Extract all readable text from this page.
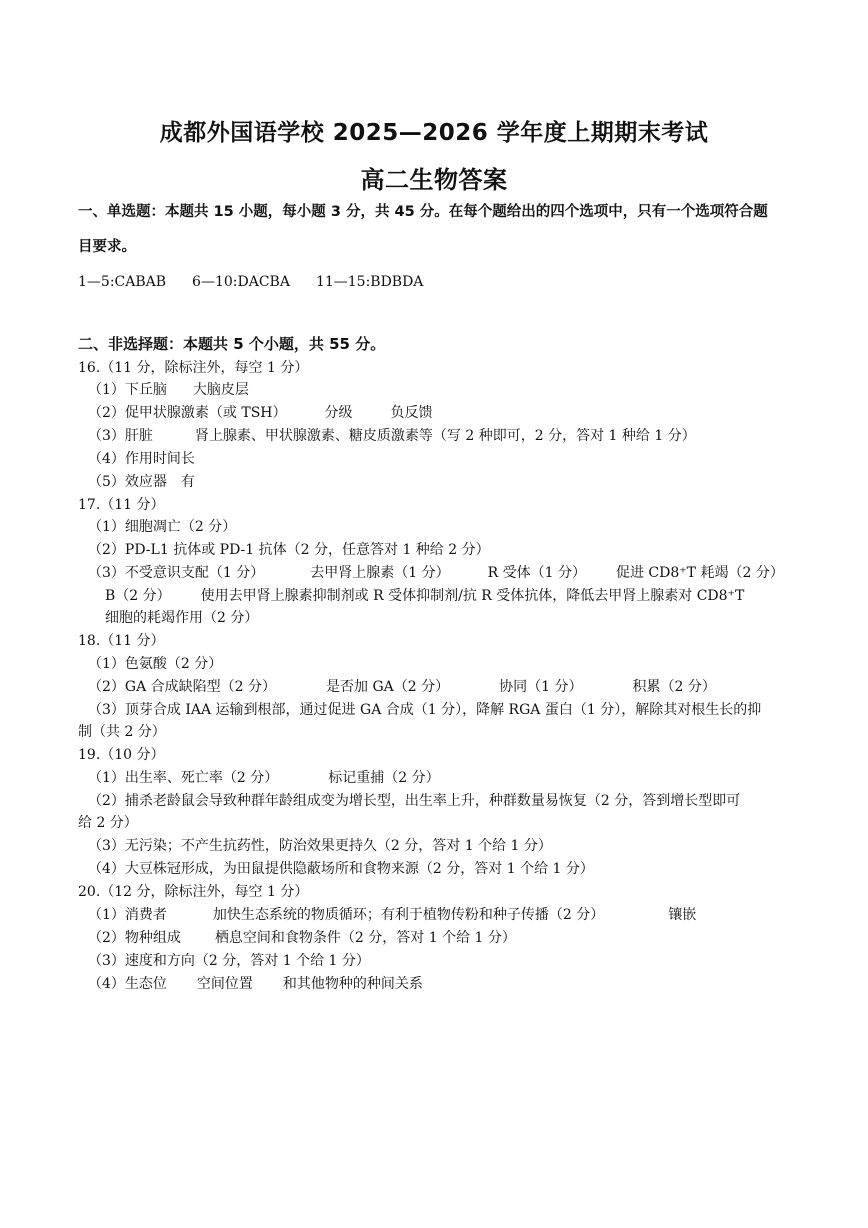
成都外国语学校 2025—2026 学年度上期期末考试
高二生物答案
一、单选题：本题共 15 小题，每小题 3 分，共 45 分。在每个题给出的四个选项中，只有一个选项符合题
目要求。
1—5:CABAB 6—10:DACBA 11—15:BDBDA
二、非选择题：本题共 5 个小题，共 55 分。
16.（11 分，除标注外，每空 1 分）
（1）下丘脑 大脑皮层
（2）促甲状腺激素（或 TSH）	分级	负反馈
（3）肝脏	肾上腺素、甲状腺激素、糖皮质激素等（写 2 种即可，2 分，答对 1 种给 1 分）
（4）作用时间长
（5）效应器 有
17.（11 分）
（1）细胞凋亡（2 分）
（2）PD-L1 抗体或 PD-1 抗体（2 分，任意答对 1 种给 2 分）
（3）不受意识支配（1 分）	去甲肾上腺素（1 分）	R 受体（1 分） 促进 CD8⁺T 耗竭（2 分）
B（2 分） 使用去甲肾上腺素抑制剂或 R 受体抑制剂/抗 R 受体抗体，降低去甲肾上腺素对 CD8⁺T
细胞的耗竭作用（2 分）
18.（11 分）
（1）色氨酸（2 分）
（2）GA 合成缺陷型（2 分）	是否加 GA（2 分）	协同（1 分）	积累（2 分）
（3）顶芽合成 IAA 运输到根部，通过促进 GA 合成（1 分），降解 RGA 蛋白（1 分），解除其对根生长的抑
制（共 2 分）
19.（10 分）
（1）出生率、死亡率（2 分）	标记重捕（2 分）
（2）捕杀老龄鼠会导致种群年龄组成变为增长型，出生率上升，种群数量易恢复（2 分，答到增长型即可
给 2 分）
（3）无污染；不产生抗药性，防治效果更持久（2 分，答对 1 个给 1 分）
（4）大豆株冠形成，为田鼠提供隐蔽场所和食物来源（2 分，答对 1 个给 1 分）
20.（12 分，除标注外，每空 1 分）
（1）消费者	加快生态系统的物质循环；有利于植物传粉和种子传播（2 分）	镶嵌
（2）物种组成 栖息空间和食物条件（2 分，答对 1 个给 1 分）
（3）速度和方向（2 分，答对 1 个给 1 分）
（4）生态位 空间位置 和其他物种的种间关系
